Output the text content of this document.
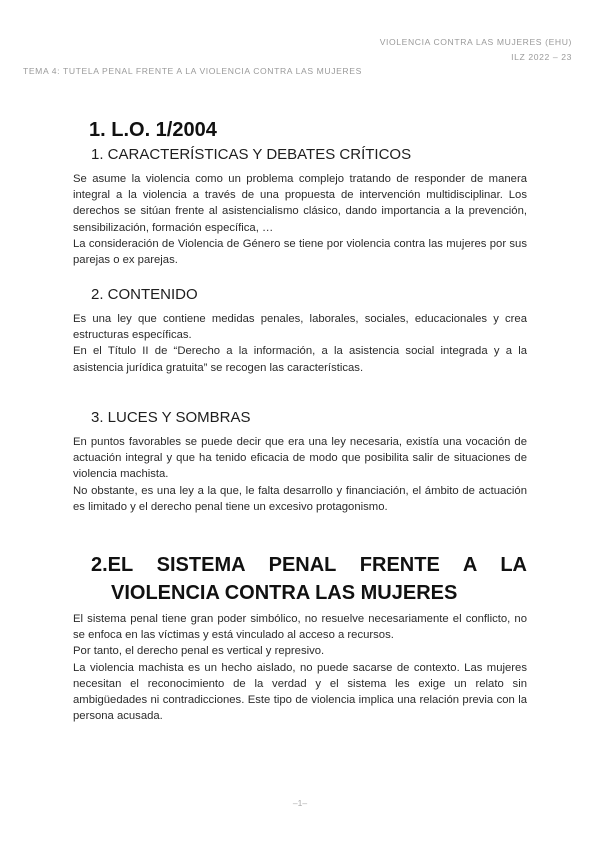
VIOLENCIA CONTRA LAS MUJERES (EHU)
ILZ 2022 – 23
TEMA 4: TUTELA PENAL FRENTE A LA VIOLENCIA CONTRA LAS MUJERES
1. L.O. 1/2004
1. CARACTERÍSTICAS Y DEBATES CRÍTICOS
Se asume la violencia como un problema complejo tratando de responder de manera integral a la violencia a través de una propuesta de intervención multidisciplinar. Los derechos se sitúan frente al asistencialismo clásico, dando importancia a la prevención, sensibilización, formación específica, …
La consideración de Violencia de Género se tiene por violencia contra las mujeres por sus parejas o ex parejas.
2. CONTENIDO
Es una ley que contiene medidas penales, laborales, sociales, educacionales y crea estructuras específicas.
En el Título II de “Derecho a la información, a la asistencia social integrada y a la asistencia jurídica gratuita” se recogen las características.
3. LUCES Y SOMBRAS
En puntos favorables se puede decir que era una ley necesaria, existía una vocación de actuación integral y que ha tenido eficacia de modo que posibilita salir de situaciones de violencia machista.
No obstante, es una ley a la que, le falta desarrollo y financiación, el ámbito de actuación es limitado y el derecho penal tiene un excesivo protagonismo.
2.EL SISTEMA PENAL FRENTE A LA
VIOLENCIA CONTRA LAS MUJERES
El sistema penal tiene gran poder simbólico, no resuelve necesariamente el conflicto, no se enfoca en las víctimas y está vinculado al acceso a recursos.
Por tanto, el derecho penal es vertical y represivo.
La violencia machista es un hecho aislado, no puede sacarse de contexto. Las mujeres necesitan el reconocimiento de la verdad y el sistema les exige un relato sin ambigüedades ni contradicciones. Este tipo de violencia implica una relación previa con la persona acusada.
–1–
